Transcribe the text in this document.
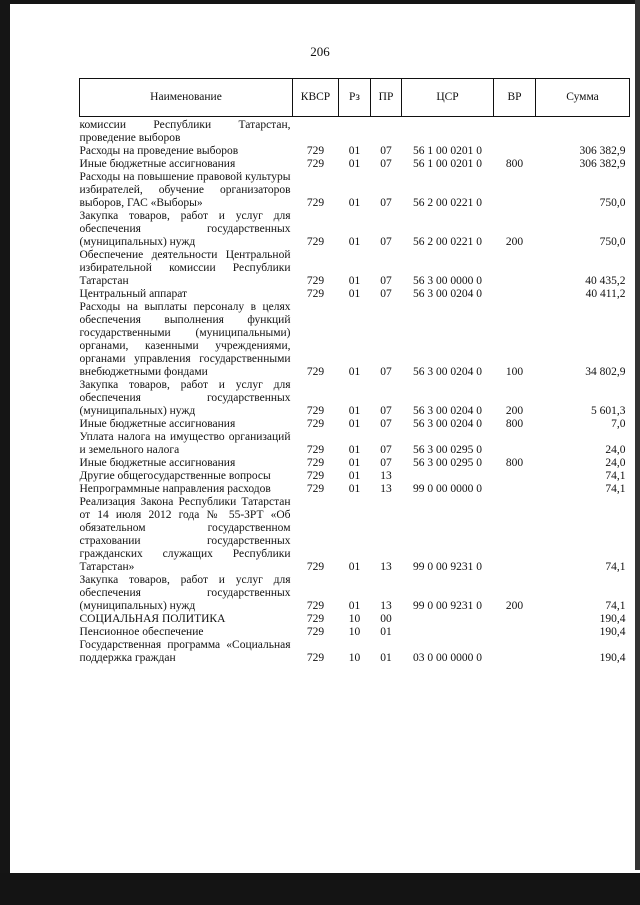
206
Наименование	КВСР	Рз	ПР	ЦСР	ВР	Сумма
комиссии Республики Татарстан, проведение выборов						
Расходы на проведение выборов	729	01	07	56 1 00 0201 0		306 382,9
Иные бюджетные ассигнования	729	01	07	56 1 00 0201 0	800	306 382,9
Расходы на повышение правовой культуры избирателей, обучение организаторов выборов, ГАС «Выборы»	729	01	07	56 2 00 0221 0		750,0
Закупка товаров, работ и услуг для обеспечения государственных (муниципальных) нужд	729	01	07	56 2 00 0221 0	200	750,0
Обеспечение деятельности Центральной избирательной комиссии Республики Татарстан	729	01	07	56 3 00 0000 0		40 435,2
Центральный аппарат	729	01	07	56 3 00 0204 0		40 411,2
Расходы на выплаты персоналу в целях обеспечения выполнения функций государственными (муниципальными) органами, казенными учреждениями, органами управления государственными внебюджетными фондами	729	01	07	56 3 00 0204 0	100	34 802,9
Закупка товаров, работ и услуг для обеспечения государственных (муниципальных) нужд	729	01	07	56 3 00 0204 0	200	5 601,3
Иные бюджетные ассигнования	729	01	07	56 3 00 0204 0	800	7,0
Уплата налога на имущество организаций и земельного налога	729	01	07	56 3 00 0295 0		24,0
Иные бюджетные ассигнования	729	01	07	56 3 00 0295 0	800	24,0
Другие общегосударственные вопросы	729	01	13			74,1
Непрограммные направления расходов	729	01	13	99 0 00 0000 0		74,1
Реализация Закона Республики Татарстан от 14 июля 2012 года № 55-ЗРТ «Об обязательном государственном страховании государственных гражданских служащих Республики Татарстан»	729	01	13	99 0 00 9231 0		74,1
Закупка товаров, работ и услуг для обеспечения государственных (муниципальных) нужд	729	01	13	99 0 00 9231 0	200	74,1
СОЦИАЛЬНАЯ ПОЛИТИКА	729	10	00			190,4
Пенсионное обеспечение	729	10	01			190,4
Государственная программа «Социальная поддержка граждан	729	10	01	03 0 00 0000 0		190,4
